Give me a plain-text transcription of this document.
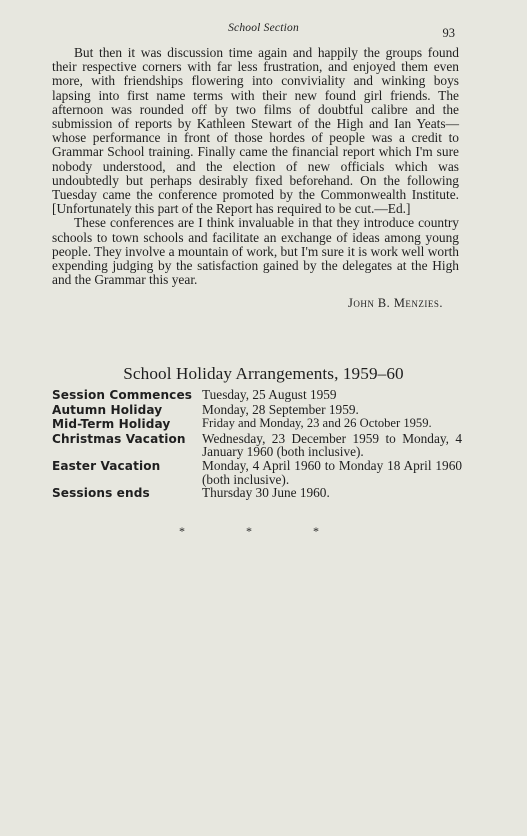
School Section	93

But then it was discussion time again and happily the groups found their respective corners with far less frustration, and enjoyed them even more, with friendships flowering into conviviality and winking boys lapsing into first name terms with their new found girl friends. The afternoon was rounded off by two films of doubtful calibre and the submission of reports by Kathleen Stewart of the High and Ian Yeats—whose performance in front of those hordes of people was a credit to Grammar School training. Finally came the financial report which I'm sure nobody understood, and the election of new officials which was undoubtedly but perhaps desirably fixed beforehand. On the following Tuesday came the conference promoted by the Commonwealth Institute. [Unfortunately this part of the Report has required to be cut.—Ed.]

These conferences are I think invaluable in that they introduce country schools to town schools and facilitate an exchange of ideas among young people. They involve a mountain of work, but I'm sure it is work well worth expending judging by the satisfaction gained by the delegates at the High and the Grammar this year.

John B. Menzies.
School Holiday Arrangements, 1959–60
Session Commences Tuesday, 25 August 1959
Autumn Holiday	Monday, 28 September 1959.
Mid-Term Holiday	Friday and Monday, 23 and 26 October 1959.
Christmas Vacation	Wednesday, 23 December 1959 to Monday, 4 January 1960 (both inclusive).
Easter Vacation	Monday, 4 April 1960 to Monday 18 April 1960 (both inclusive).
Sessions ends	Thursday 30 June 1960.
* * *
